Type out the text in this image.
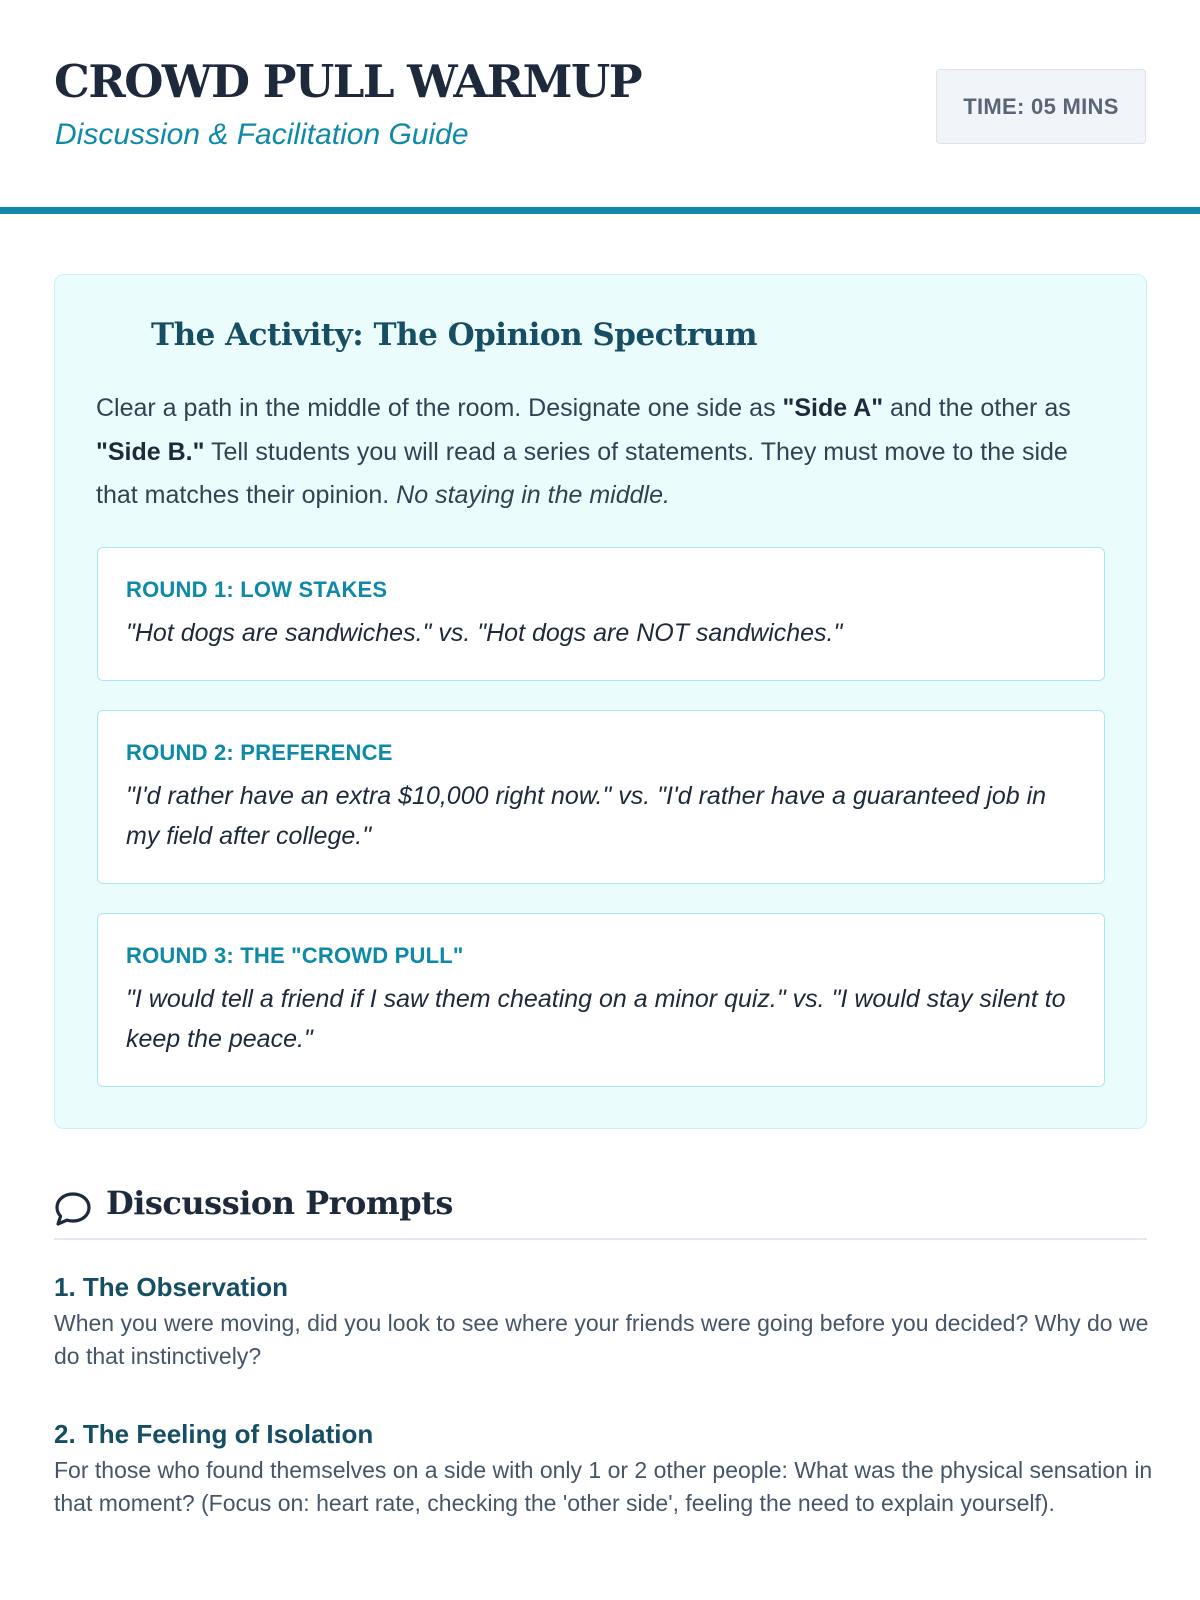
CROWD PULL WARMUP
Discussion & Facilitation Guide
TIME: 05 MINS
The Activity: The Opinion Spectrum

Clear a path in the middle of the room. Designate one side as "Side A" and the other as "Side B." Tell students you will read a series of statements. They must move to the side that matches their opinion. No staying in the middle.

ROUND 1: LOW STAKES
"Hot dogs are sandwiches." vs. "Hot dogs are NOT sandwiches."
ROUND 2: PREFERENCE
"I'd rather have an extra $10,000 right now." vs. "I'd rather have a guaranteed job in my field after college."
ROUND 3: THE "CROWD PULL"
"I would tell a friend if I saw them cheating on a minor quiz." vs. "I would stay silent to keep the peace."
Discussion Prompts
1. The Observation

When you were moving, did you look to see where your friends were going before you decided? Why do we do that instinctively?

2. The Feeling of Isolation

For those who found themselves on a side with only 1 or 2 other people: What was the physical sensation in that moment? (Focus on: heart rate, checking the 'other side', feeling the need to explain yourself).
